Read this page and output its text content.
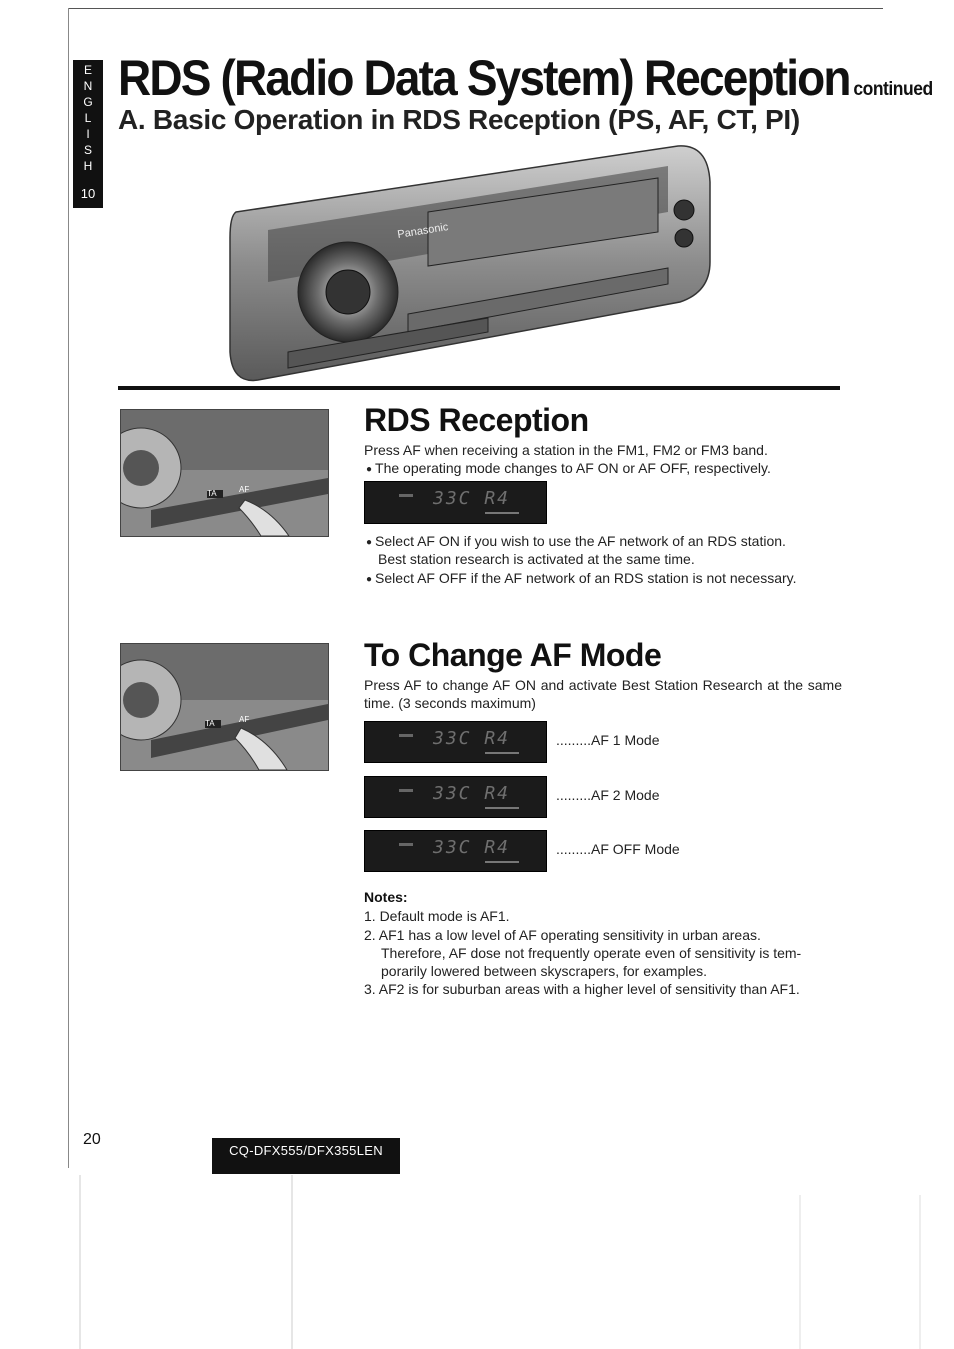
E
N
G
L
I
S
H
10
RDS (Radio Data System) Reception continued
A. Basic Operation in RDS Reception (PS, AF, CT, PI)
Panasonic
TA	AF
RDS Reception
Press AF when receiving a station in the FM1, FM2 or FM3 band.
● The operating mode changes to AF ON or AF OFF, respectively.
33C R4
● Select AF ON if you wish to use the AF network of an RDS station.
Best station research is activated at the same time.
● Select AF OFF if the AF network of an RDS station is not necessary.
TA	AF
To Change AF Mode
Press AF to change AF ON and activate Best Station Research at the same time. (3 seconds maximum)
33C R4	.........AF 1 Mode
33C R4	.........AF 2 Mode
33C R4	.........AF OFF Mode
Notes:
1. Default mode is AF1.
2. AF1 has a low level of AF operating sensitivity in urban areas.
Therefore, AF dose not frequently operate even of sensitivity is tem-
porarily lowered between skyscrapers, for examples.
3. AF2 is for suburban areas with a higher level of sensitivity than AF1.
20
CQ-DFX555/DFX355LEN
